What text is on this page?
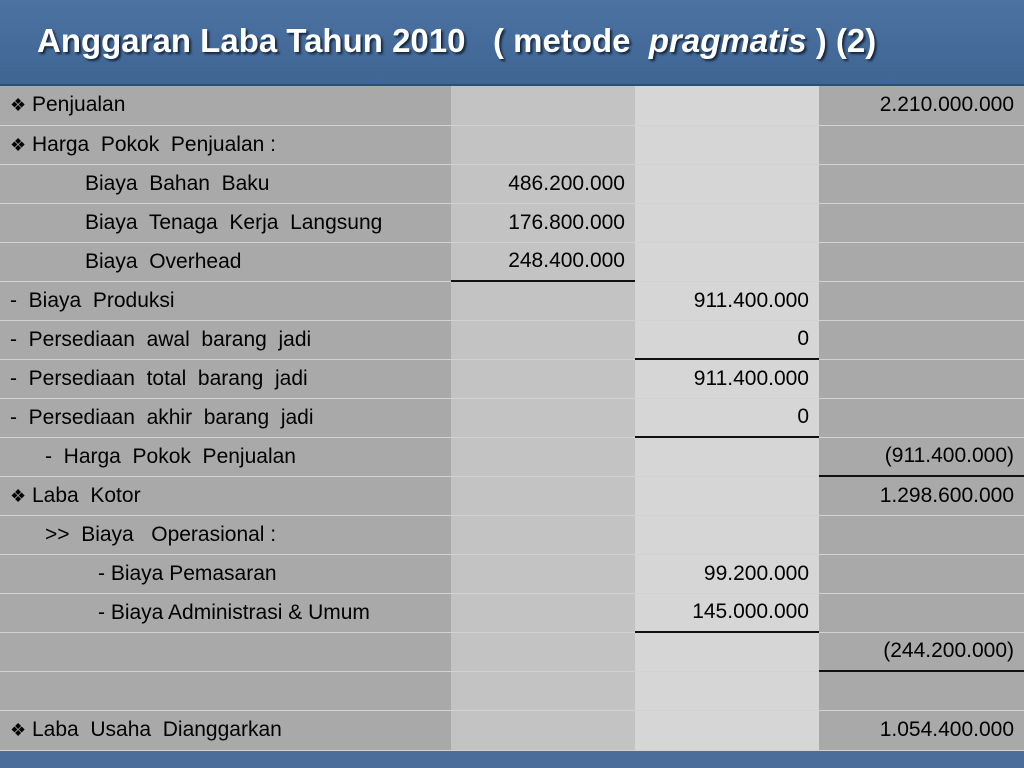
Anggaran Laba Tahun 2010   ( metode  pragmatis ) (2)
❖ Penjualan			2.210.000.000
❖ Harga  Pokok  Penjualan :			
Biaya  Bahan  Baku	486.200.000		
Biaya  Tenaga  Kerja  Langsung	176.800.000		
Biaya  Overhead	248.400.000		
-  Biaya  Produksi		911.400.000	
-  Persediaan  awal  barang  jadi		0	
-  Persediaan  total  barang  jadi		911.400.000	
-  Persediaan  akhir  barang  jadi		0	
-  Harga  Pokok  Penjualan			(911.400.000)
❖ Laba  Kotor			1.298.600.000
>>  Biaya   Operasional :			
- Biaya Pemasaran		99.200.000	
- Biaya Administrasi & Umum		145.000.000	
			(244.200.000)

❖ Laba  Usaha  Dianggarkan			1.054.400.000
